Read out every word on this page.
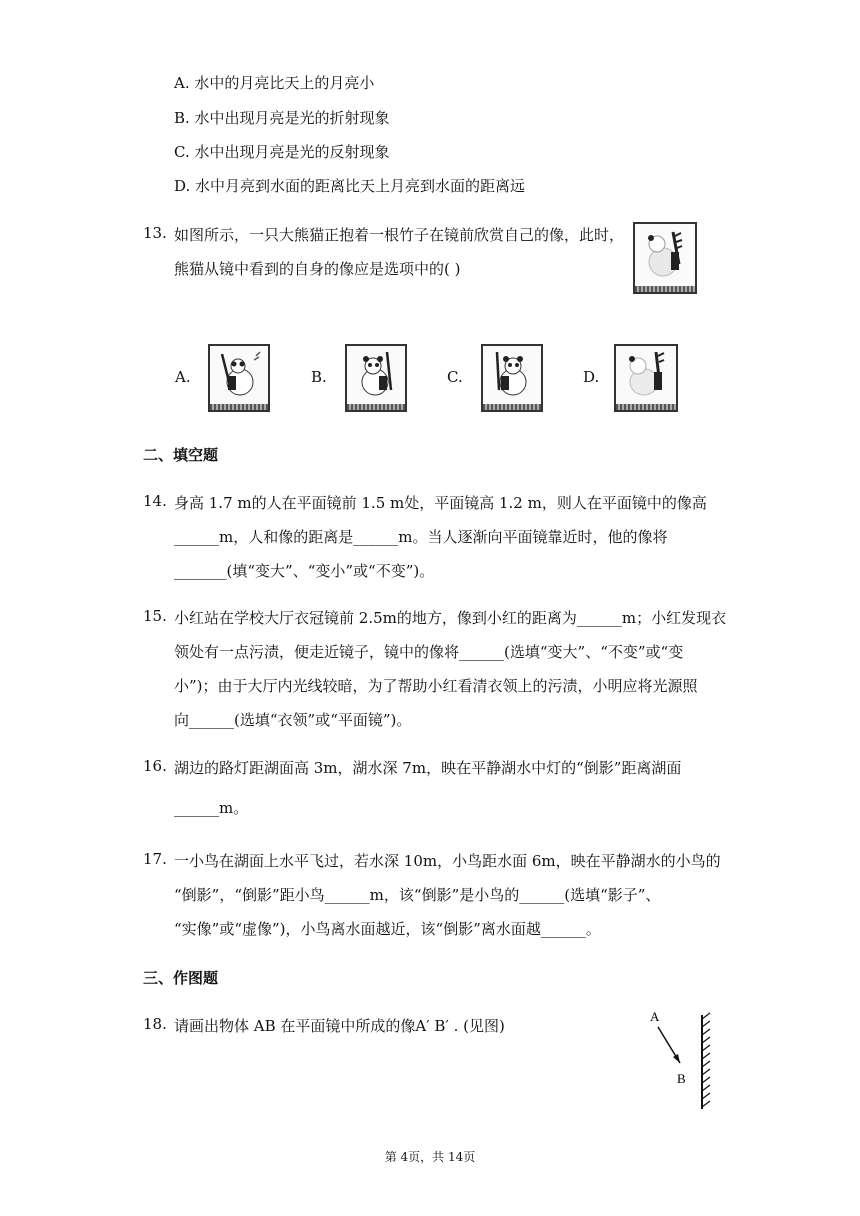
A. 水中的月亮比天上的月亮小
B. 水中出现月亮是光的折射现象
C. 水中出现月亮是光的反射现象
D. 水中月亮到水面的距离比天上月亮到水面的距离远
13. 如图所示，一只大熊猫正抱着一根竹子在镜前欣赏自己的像，此时，
熊猫从镜中看到的自身的像应是选项中的( )
A.	B.	C.	D.
二、填空题
14. 身高 1.7 m的人在平面镜前 1.5 m处，平面镜高 1.2 m，则人在平面镜中的像高
______m，人和像的距离是______m。当人逐渐向平面镜靠近时，他的像将
_______(填“变大”、“变小”或“不变”)。
15. 小红站在学校大厅衣冠镜前 2.5m的地方，像到小红的距离为______m；小红发现衣
领处有一点污渍，便走近镜子，镜中的像将______(选填“变大”、“不变”或“变
小”)；由于大厅内光线较暗，为了帮助小红看清衣领上的污渍，小明应将光源照
向______(选填“衣领”或“平面镜”)。
16. 湖边的路灯距湖面高 3m，湖水深 7m，映在平静湖水中灯的“倒影”距离湖面
______m。
17. 一小鸟在湖面上水平飞过，若水深 10m，小鸟距水面 6m，映在平静湖水的小鸟的
“倒影”，“倒影”距小鸟______m，该“倒影”是小鸟的______(选填“影子”、
“实像”或“虚像”)，小鸟离水面越近，该“倒影”离水面越______。
三、作图题
18. 请画出物体 AB 在平面镜中所成的像A′ B′ . (见图)
A
B
第 4页，共 14页
